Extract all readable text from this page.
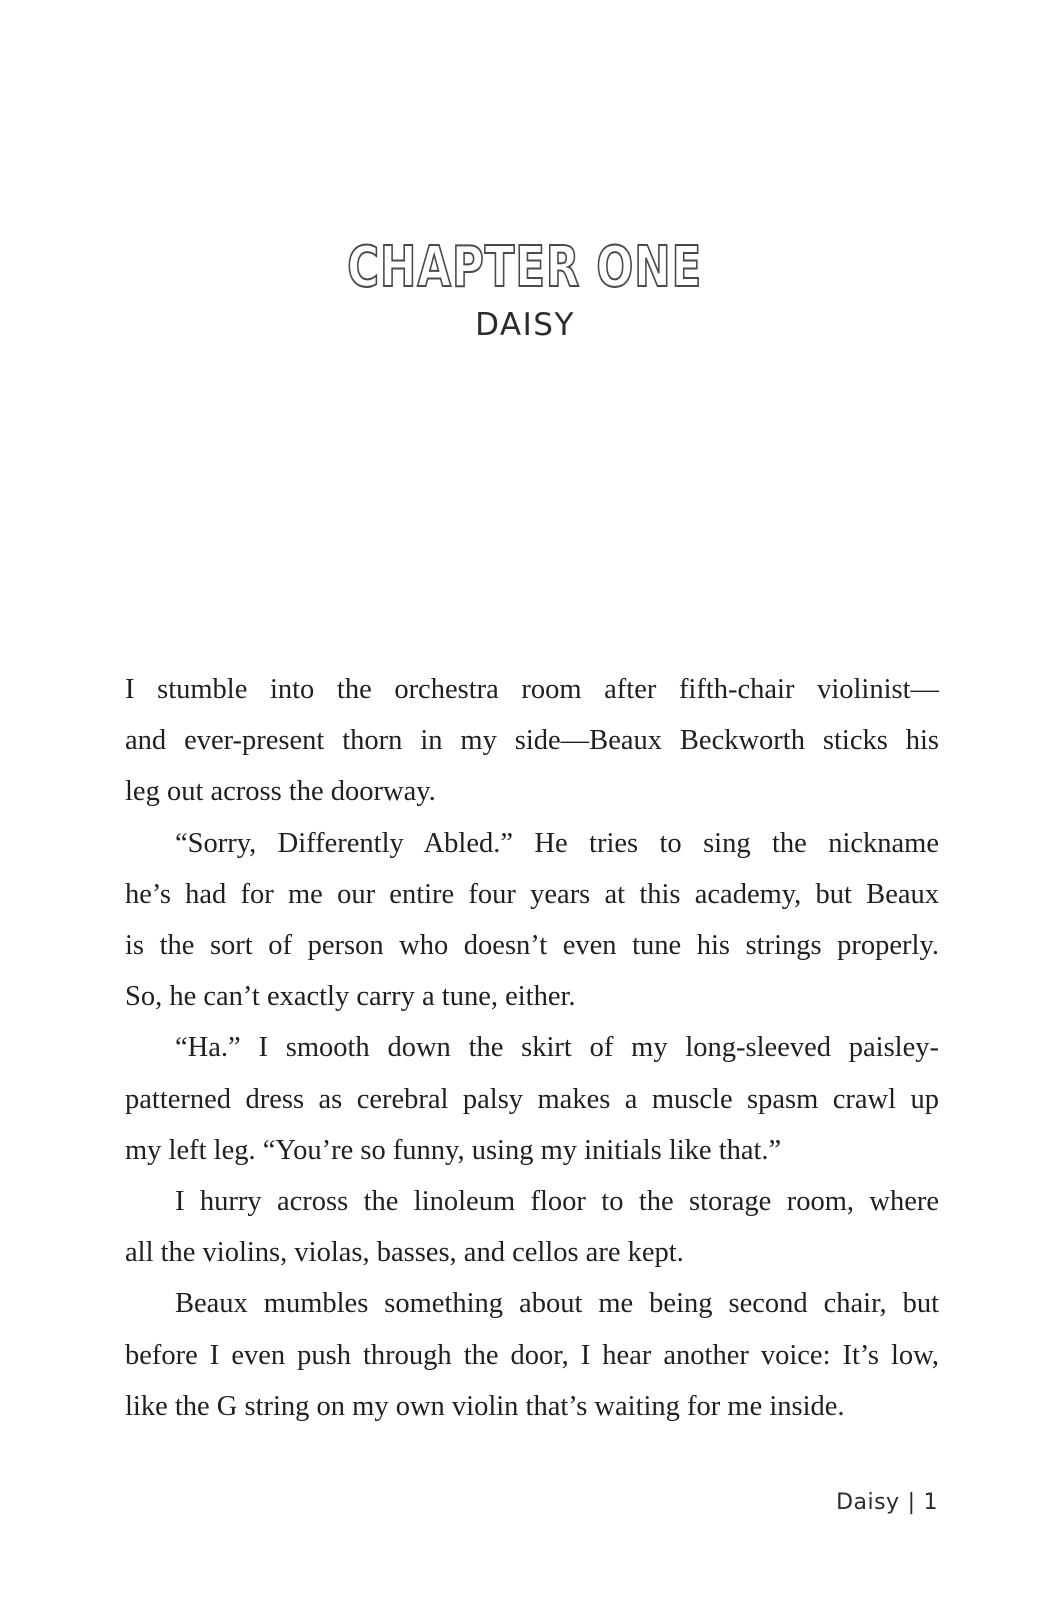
CHAPTER ONE
DAISY
I stumble into the orchestra room after fifth-chair violinist—
and ever-present thorn in my side—Beaux Beckworth sticks his
leg out across the doorway.
“Sorry, Differently Abled.” He tries to sing the nickname
he’s had for me our entire four years at this academy, but Beaux
is the sort of person who doesn’t even tune his strings properly.
So, he can’t exactly carry a tune, either.
“Ha.” I smooth down the skirt of my long-sleeved paisley-
patterned dress as cerebral palsy makes a muscle spasm crawl up
my left leg. “You’re so funny, using my initials like that.”
I hurry across the linoleum floor to the storage room, where
all the violins, violas, basses, and cellos are kept.
Beaux mumbles something about me being second chair, but
before I even push through the door, I hear another voice: It’s low,
like the G string on my own violin that’s waiting for me inside.
Daisy | 1
